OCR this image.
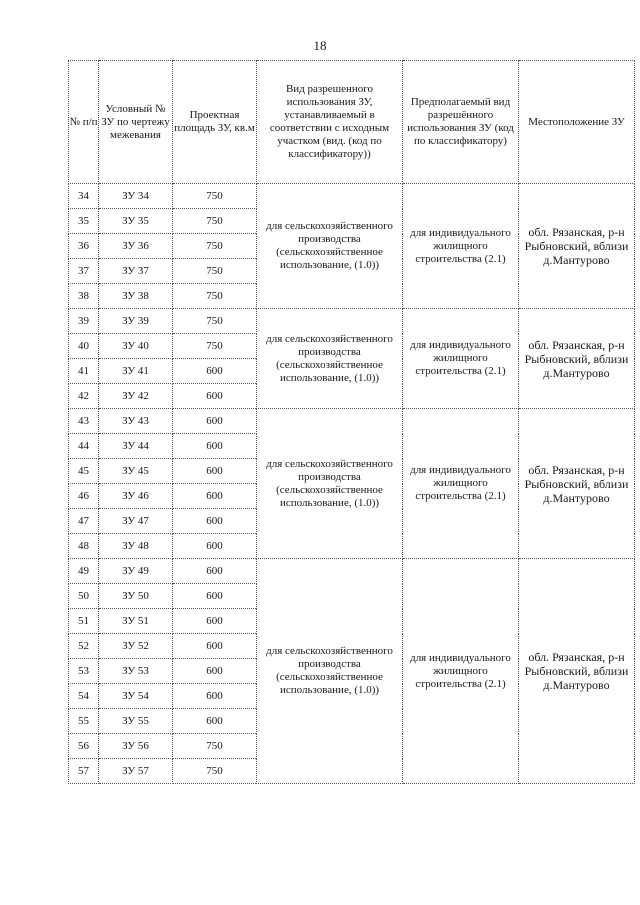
18
№ п/п	Условный № ЗУ по чертежу межевания	Проектная площадь ЗУ, кв.м	Вид разрешенного использования ЗУ, устанавливаемый в соответствии с исходным участком (вид. (код по классификатору))	Предполагаемый вид разрешённого использования ЗУ (код по классификатору)	Местоположение ЗУ
34	ЗУ 34	750	для сельскохозяйственного производства (сельскохозяйственное использование, (1.0))	для индивидуального жилищного строительства (2.1)	обл. Рязанская, р-н Рыбновский, вблизи д.Мантурово
35	ЗУ 35	750			
36	ЗУ 36	750			
37	ЗУ 37	750			
38	ЗУ 38	750			
39	ЗУ 39	750	для сельскохозяйственного производства (сельскохозяйственное использование, (1.0))	для индивидуального жилищного строительства (2.1)	обл. Рязанская, р-н Рыбновский, вблизи д.Мантурово
40	ЗУ 40	750			
41	ЗУ 41	600			
42	ЗУ 42	600			
43	ЗУ 43	600	для сельскохозяйственного производства (сельскохозяйственное использование, (1.0))	для индивидуального жилищного строительства (2.1)	обл. Рязанская, р-н Рыбновский, вблизи д.Мантурово
44	ЗУ 44	600			
45	ЗУ 45	600			
46	ЗУ 46	600			
47	ЗУ 47	600			
48	ЗУ 48	600			
49	ЗУ 49	600	для сельскохозяйственного производства (сельскохозяйственное использование, (1.0))	для индивидуального жилищного строительства (2.1)	обл. Рязанская, р-н Рыбновский, вблизи д.Мантурово
50	ЗУ 50	600			
51	ЗУ 51	600			
52	ЗУ 52	600			
53	ЗУ 53	600			
54	ЗУ 54	600			
55	ЗУ 55	600			
56	ЗУ 56	750			
57	ЗУ 57	750			
